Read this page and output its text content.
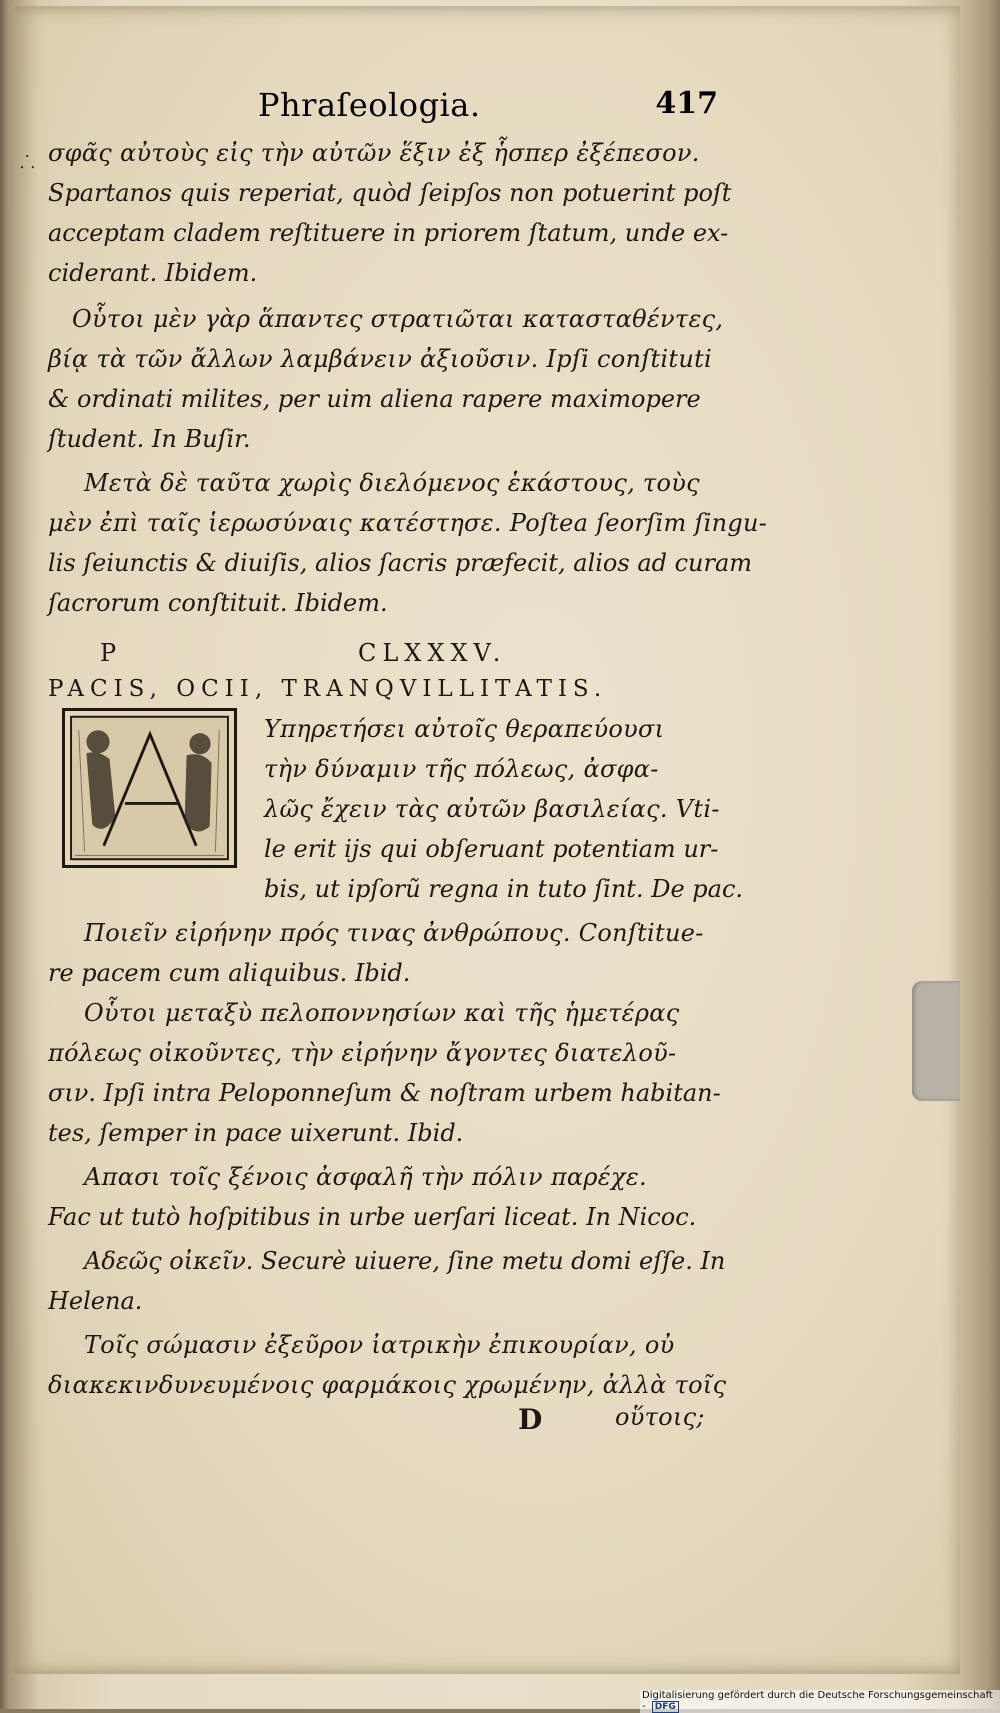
Phraſeologia.	417
σφᾶς αὐτοὺς εἰς τὴν αὐτῶν ἕξιν ἐξ ἧσπερ ἐξέπεσον.
Spartanos quis reperiat, quòd ſeipſos non potuerint poſt
acceptam cladem reſtituere in priorem ſtatum, unde ex-
ciderant. Ibidem.
Οὗτοι μὲν γὰρ ἅπαντες στρατιῶται κατασταθέντες,
βίᾳ τὰ τῶν ἄλλων λαμβάνειν ἀξιοῦσιν. Ipſi conſtituti
& ordinati milites, per uim aliena rapere maximopere
ſtudent. In Buſir.
Μετὰ δὲ ταῦτα χωρὶς διελόμενος ἑκάστους, τοὺς
μὲν ἐπὶ ταῖς ἱερωσύναις κατέστησε. Poſtea ſeorſim ſingu-
lis ſeiunctis & diuiſis, alios ſacris præfecit, alios ad curam
ſacrorum conſtituit. Ibidem.
P	CLXXXV.
PACIS, OCII, TRANQVILLITATIS.
Υπηρετήσει αὐτοῖς θεραπεύουσι
τὴν δύναμιν τῆς πόλεως, ἀσφα-
λῶς ἔχειν τὰς αὐτῶν βασιλείας. Vti-
le erit ijs qui obſeruant potentiam ur-
bis, ut ipſorũ regna in tuto ſint. De pac.
Ποιεῖν εἰρήνην πρός τινας ἀνθρώπους. Conſtitue-
re pacem cum aliquibus. Ibid.
Οὗτοι μεταξὺ πελοποννησίων καὶ τῆς ἡμετέρας
πόλεως οἰκοῦντες, τὴν εἰρήνην ἄγοντες διατελοῦ-
σιν. Ipſi intra Peloponneſum & noſtram urbem habitan-
tes, ſemper in pace uixerunt. Ibid.
Απασι τοῖς ξένοις ἀσφαλῆ τὴν πόλιν παρέχε.
Fac ut tutò hoſpitibus in urbe uerſari liceat. In Nicoc.
Αδεῶς οἰκεῖν. Securè uiuere, ſine metu domi eſſe. In
Helena.
Τοῖς σώμασιν ἐξεῦρον ἰατρικὴν ἐπικουρίαν, οὐ
διακεκινδυνευμένοις φαρμάκοις χρωμένην, ἀλλὰ τοῖς
D	οὕτοις;
⸫
Digitalisierung gefördert durch die Deutsche Forschungsgemeinschaft - DFG
